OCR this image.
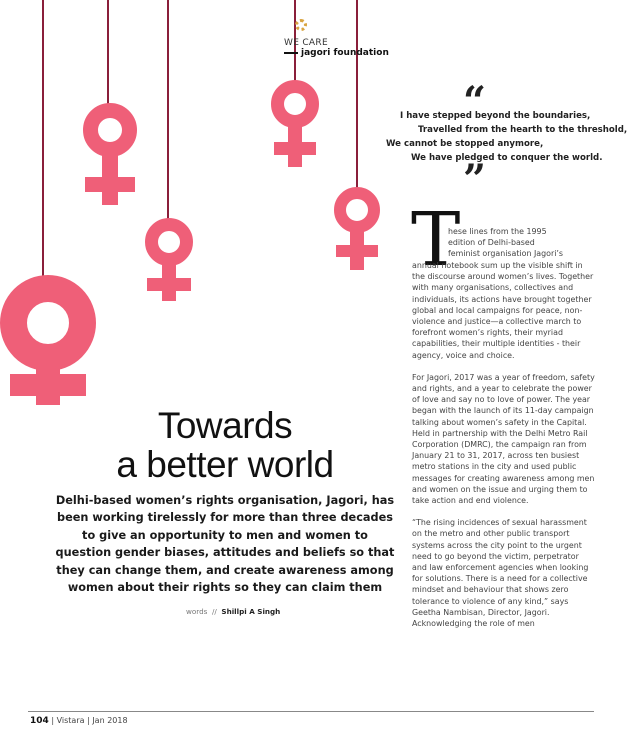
WE CARE
jagori foundation
“
I have stepped beyond the boundaries,
Travelled from the hearth to the threshold,
We cannot be stopped anymore,
We have pledged to conquer the world.
”
T
hese lines from the 1995
edition of Delhi-based
feminist organisation Jagori’s

annual notebook sum up the visible shift in the discourse around women’s lives. Together with many organisations, collectives and individuals, its actions have brought together global and local campaigns for peace, non-violence and justice—a collective march to forefront women’s rights, their myriad capabilities, their multiple identities - their agency, voice and choice.

For Jagori, 2017 was a year of freedom, safety and rights, and a year to celebrate the power of love and say no to love of power. The year began with the launch of its 11-day campaign talking about women’s safety in the Capital. Held in partnership with the Delhi Metro Rail Corporation (DMRC), the campaign ran from January 21 to 31, 2017, across ten busiest metro stations in the city and used public messages for creating awareness among men and women on the issue and urging them to take action and end violence.

“The rising incidences of sexual harassment on the metro and other public transport systems across the city point to the urgent need to go beyond the victim, perpetrator and law enforcement agencies when looking for solutions. There is a need for a collective mindset and behaviour that shows zero tolerance to violence of any kind,” says Geetha Nambisan, Director, Jagori. Acknowledging the role of men

Towards
a better world
Delhi-based women’s rights organisation, Jagori, has been working tirelessly for more than three decades to give an opportunity to men and women to question gender biases, attitudes and beliefs so that they can change them, and create awareness among women about their rights so they can claim them
words // Shillpi A Singh
104 | Vistara | Jan 2018
